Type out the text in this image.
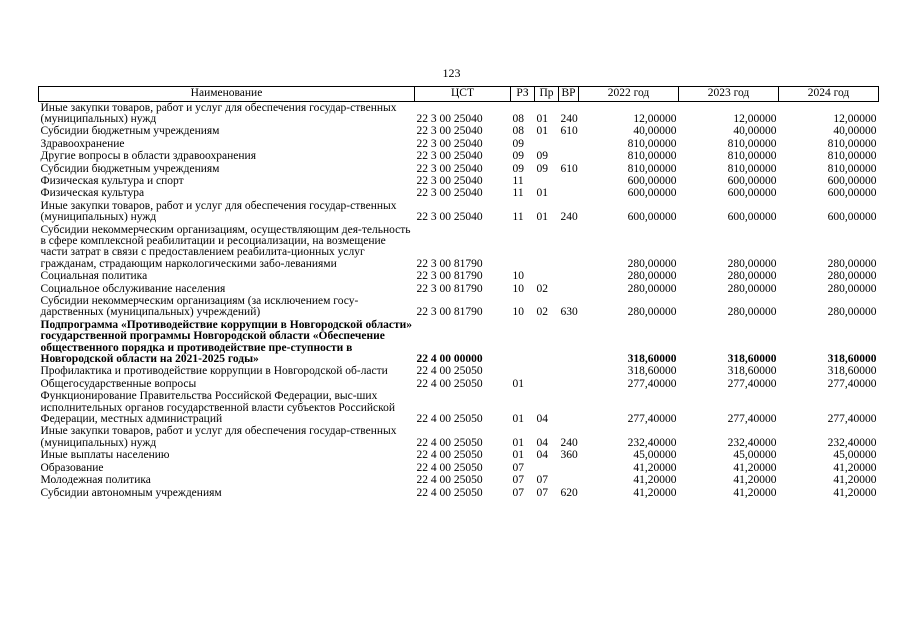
123
Наименование	ЦСТ	РЗ	Пр	ВР	2022 год	2023 год	2024 год
Иные закупки товаров, работ и услуг для обеспечения государ-ственных (муниципальных) нужд	22 3 00 25040	08	01	240	12,00000	12,00000	12,00000
Субсидии бюджетным учреждениям	22 3 00 25040	08	01	610	40,00000	40,00000	40,00000
Здравоохранение	22 3 00 25040	09			810,00000	810,00000	810,00000
Другие вопросы в области здравоохранения	22 3 00 25040	09	09		810,00000	810,00000	810,00000
Субсидии бюджетным учреждениям	22 3 00 25040	09	09	610	810,00000	810,00000	810,00000
Физическая культура и спорт	22 3 00 25040	11			600,00000	600,00000	600,00000
Физическая культура	22 3 00 25040	11	01		600,00000	600,00000	600,00000
Иные закупки товаров, работ и услуг для обеспечения государ-ственных (муниципальных) нужд	22 3 00 25040	11	01	240	600,00000	600,00000	600,00000
Субсидии некоммерческим организациям, осуществляющим дея-тельность в сфере комплексной реабилитации и ресоциализации, на возмещение части затрат в связи с предоставлением реабилита-ционных услуг гражданам, страдающим наркологическими забо-леваниями	22 3 00 81790				280,00000	280,00000	280,00000
Социальная политика	22 3 00 81790	10			280,00000	280,00000	280,00000
Социальное обслуживание населения	22 3 00 81790	10	02		280,00000	280,00000	280,00000
Субсидии некоммерческим организациям (за исключением госу-дарственных (муниципальных) учреждений)	22 3 00 81790	10	02	630	280,00000	280,00000	280,00000
Подпрограмма «Противодействие коррупции в Новгородской области» государственной программы Новгородской области «Обеспечение общественного порядка и противодействие пре-ступности в Новгородской области на 2021-2025 годы»	22 4 00 00000				318,60000	318,60000	318,60000
Профилактика и противодействие коррупции в Новгородской об-ласти	22 4 00 25050				318,60000	318,60000	318,60000
Общегосударственные вопросы	22 4 00 25050	01			277,40000	277,40000	277,40000
Функционирование Правительства Российской Федерации, выс-ших исполнительных органов государственной власти субъектов Российской Федерации, местных администраций	22 4 00 25050	01	04		277,40000	277,40000	277,40000
Иные закупки товаров, работ и услуг для обеспечения государ-ственных (муниципальных) нужд	22 4 00 25050	01	04	240	232,40000	232,40000	232,40000
Иные выплаты населению	22 4 00 25050	01	04	360	45,00000	45,00000	45,00000
Образование	22 4 00 25050	07			41,20000	41,20000	41,20000
Молодежная политика	22 4 00 25050	07	07		41,20000	41,20000	41,20000
Субсидии автономным учреждениям	22 4 00 25050	07	07	620	41,20000	41,20000	41,20000
